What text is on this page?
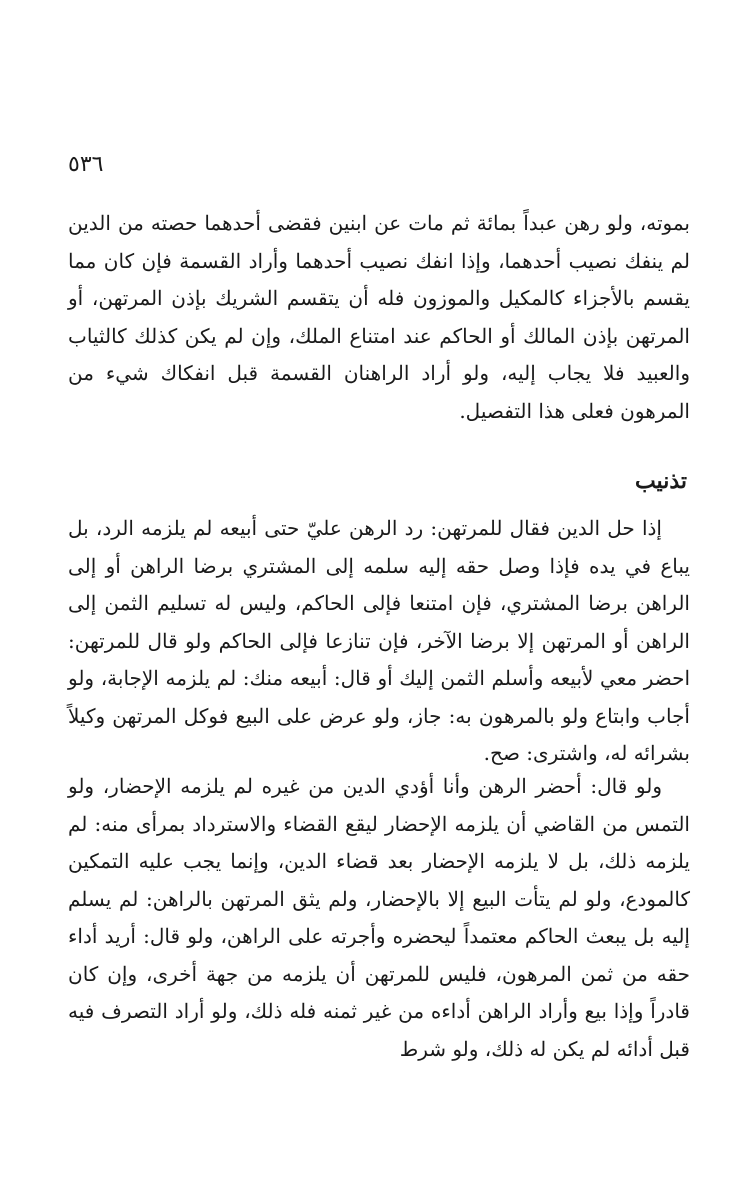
٥٣٦

بموته، ولو رهن عبداً بمائة ثم مات عن ابنين فقضى أحدهما حصته من الدين لم ينفك نصيب أحدهما، وإذا انفك نصيب أحدهما وأراد القسمة فإن كان مما يقسم بالأجزاء كالمكيل والموزون فله أن يتقسم الشريك بإذن المرتهن، أو المرتهن بإذن المالك أو الحاكم عند امتناع الملك، وإن لم يكن كذلك كالثياب والعبيد فلا يجاب إليه، ولو أراد الراهنان القسمة قبل انفكاك شيء من المرهون فعلى هذا التفصيل.

تذنيب

إذا حل الدين فقال للمرتهن: رد الرهن عليّ حتى أبيعه لم يلزمه الرد، بل يباع في يده فإذا وصل حقه إليه سلمه إلى المشتري برضا الراهن أو إلى الراهن برضا المشتري، فإن امتنعا فإلى الحاكم، وليس له تسليم الثمن إلى الراهن أو المرتهن إلا برضا الآخر، فإن تنازعا فإلى الحاكم ولو قال للمرتهن: احضر معي لأبيعه وأسلم الثمن إليك أو قال: أبيعه منك: لم يلزمه الإجابة، ولو أجاب وابتاع ولو بالمرهون به: جاز، ولو عرض على البيع فوكل المرتهن وكيلاً بشرائه له، واشترى: صح.

ولو قال: أحضر الرهن وأنا أؤدي الدين من غيره لم يلزمه الإحضار، ولو التمس من القاضي أن يلزمه الإحضار ليقع القضاء والاسترداد بمرأى منه: لم يلزمه ذلك، بل لا يلزمه الإحضار بعد قضاء الدين، وإنما يجب عليه التمكين كالمودع، ولو لم يتأت البيع إلا بالإحضار، ولم يثق المرتهن بالراهن: لم يسلم إليه بل يبعث الحاكم معتمداً ليحضره وأجرته على الراهن، ولو قال: أريد أداء حقه من ثمن المرهون، فليس للمرتهن أن يلزمه من جهة أخرى، وإن كان قادراً وإذا بيع وأراد الراهن أداءه من غير ثمنه فله ذلك، ولو أراد التصرف فيه قبل أدائه لم يكن له ذلك، ولو شرط
